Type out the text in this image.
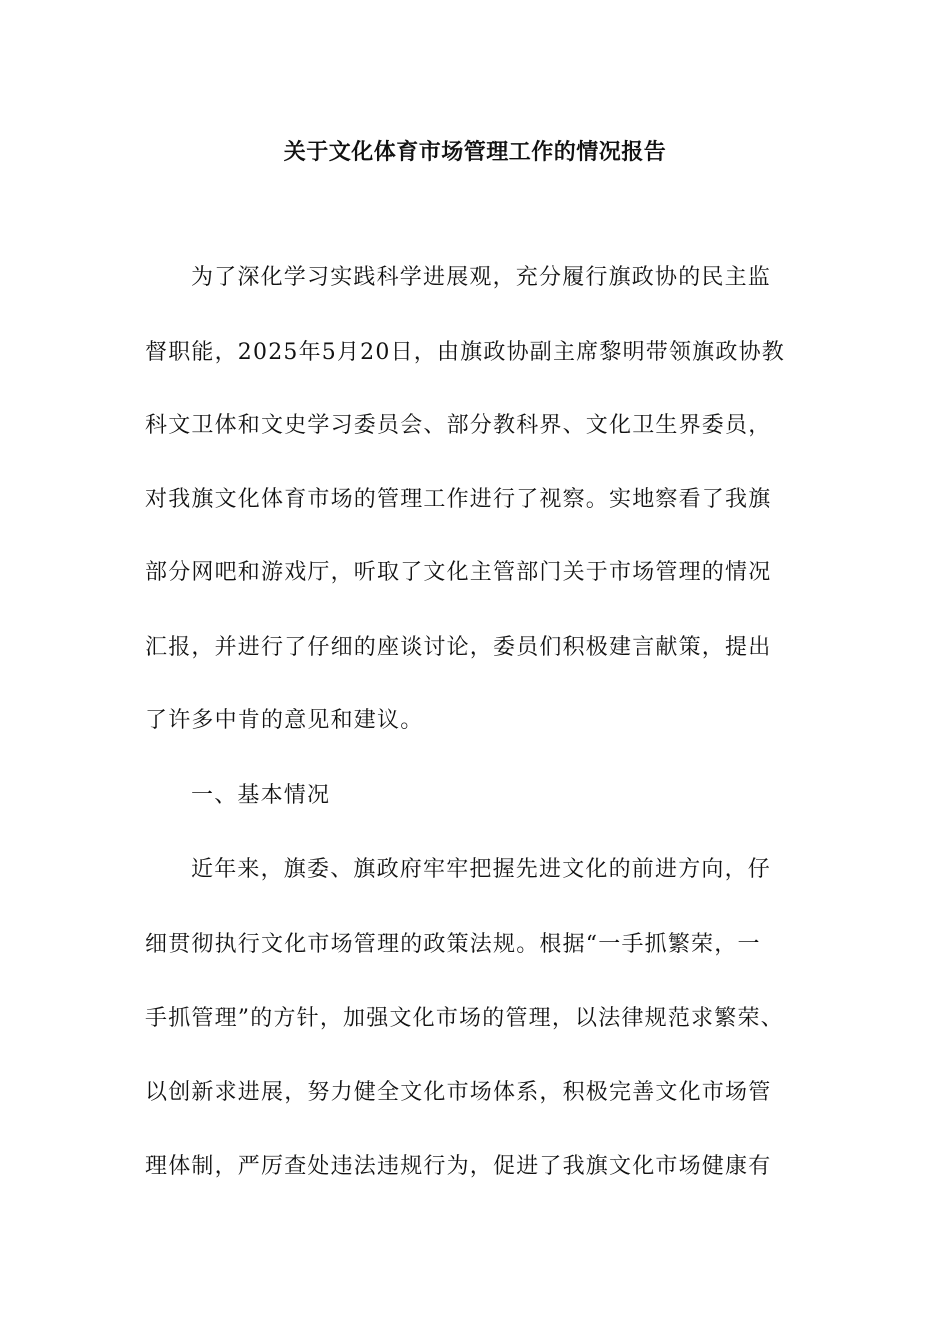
关于文化体育市场管理工作的情况报告
为了深化学习实践科学进展观，充分履行旗政协的民主监
督职能，2025年5月20日，由旗政协副主席黎明带领旗政协教
科文卫体和文史学习委员会、部分教科界、文化卫生界委员，
对我旗文化体育市场的管理工作进行了视察。实地察看了我旗
部分网吧和游戏厅，听取了文化主管部门关于市场管理的情况
汇报，并进行了仔细的座谈讨论，委员们积极建言献策，提出
了许多中肯的意见和建议。
一、基本情况
近年来，旗委、旗政府牢牢把握先进文化的前进方向，仔
细贯彻执行文化市场管理的政策法规。根据“一手抓繁荣，一
手抓管理”的方针，加强文化市场的管理，以法律规范求繁荣、
以创新求进展，努力健全文化市场体系，积极完善文化市场管
理体制，严厉查处违法违规行为，促进了我旗文化市场健康有
